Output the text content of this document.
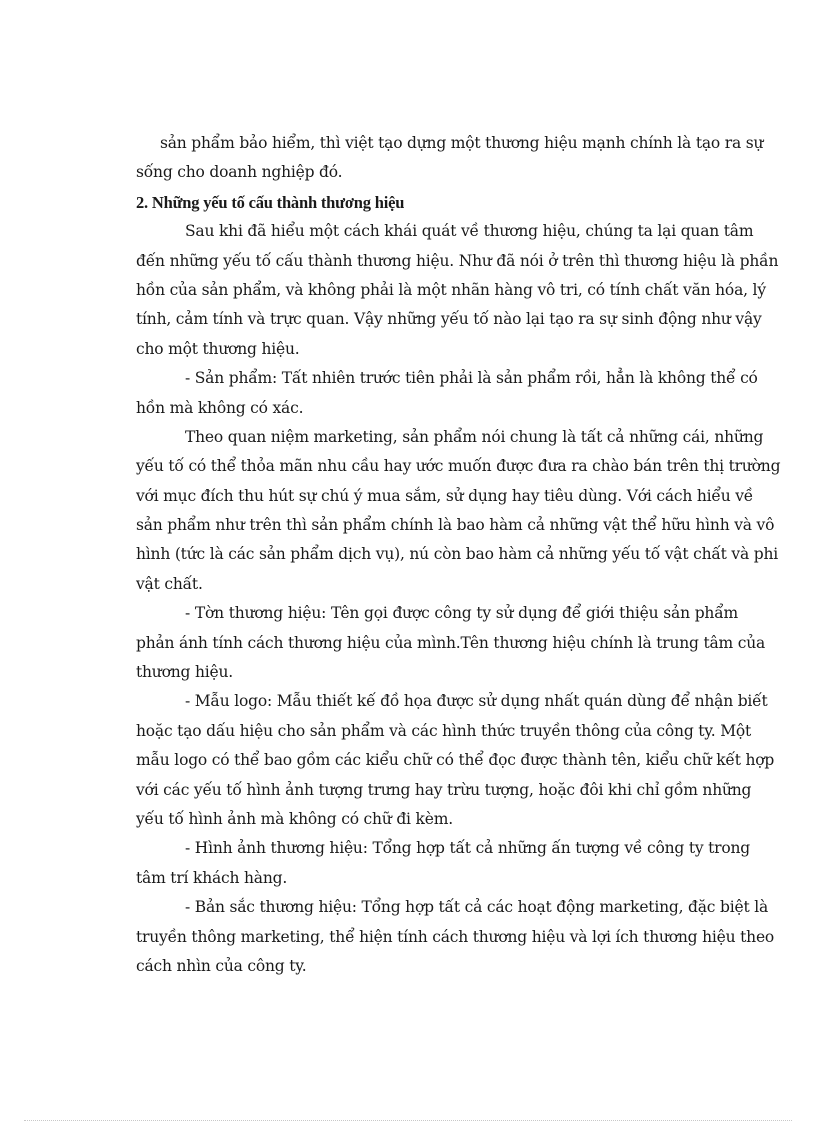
sản phẩm bảo hiểm, thì việt tạo dựng một thương hiệu mạnh chính là tạo ra sự
sống cho doanh nghiệp đó.
2. Những yếu tố cấu thành thương hiệu
Sau khi đã hiểu một cách khái quát về thương hiệu, chúng ta lại quan tâm
đến những yếu tố cấu thành thương hiệu. Như đã nói ở trên thì thương hiệu là phần
hồn của sản phẩm, và không phải là một nhãn hàng vô tri, có tính chất văn hóa, lý
tính, cảm tính và trực quan. Vậy những yếu tố nào lại tạo ra sự sinh động như vậy
cho một thương hiệu.
- Sản phẩm: Tất nhiên trước tiên phải là sản phẩm rồi, hẳn là không thể có
hồn mà không có xác.
Theo quan niệm marketing, sản phẩm nói chung là tất cả những cái, những
yếu tố có thể thỏa mãn nhu cầu hay ước muốn được đưa ra chào bán trên thị trường
với mục đích thu hút sự chú ý mua sắm, sử dụng hay tiêu dùng. Với cách hiểu về
sản phẩm như trên thì sản phẩm chính là bao hàm cả những vật thể hữu hình và vô
hình (tức là các sản phẩm dịch vụ), nú còn bao hàm cả những yếu tố vật chất và phi
vật chất.
- Tờn thương hiệu: Tên gọi được công ty sử dụng để giới thiệu sản phẩm
phản ánh tính cách thương hiệu của mình.Tên thương hiệu chính là trung tâm của
thương hiệu.
- Mẫu logo: Mẫu thiết kế đồ họa được sử dụng nhất quán dùng để nhận biết
hoặc tạo dấu hiệu cho sản phẩm và các hình thức truyền thông của công ty. Một
mẫu logo có thể bao gồm các kiểu chữ có thể đọc được thành tên, kiểu chữ kết hợp
với các yếu tố hình ảnh tượng trưng hay trừu tượng, hoặc đôi khi chỉ gồm những
yếu tố hình ảnh mà không có chữ đi kèm.
- Hình ảnh thương hiệu: Tổng hợp tất cả những ấn tượng về công ty trong
tâm trí khách hàng.
- Bản sắc thương hiệu: Tổng hợp tất cả các hoạt động marketing, đặc biệt là
truyền thông marketing, thể hiện tính cách thương hiệu và lợi ích thương hiệu theo
cách nhìn của công ty.
